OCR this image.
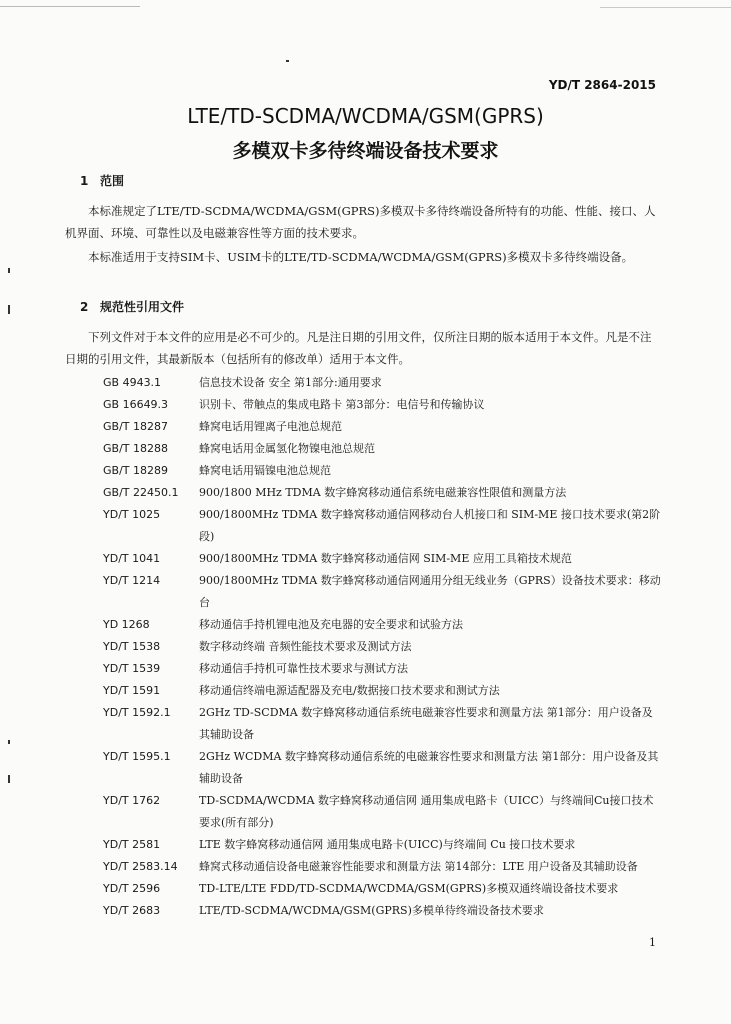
YD/T 2864-2015
LTE/TD-SCDMA/WCDMA/GSM(GPRS)
多模双卡多待终端设备技术要求
1 范围
本标准规定了LTE/TD-SCDMA/WCDMA/GSM(GPRS)多模双卡多待终端设备所特有的功能、性能、接口、人机界面、环境、可靠性以及电磁兼容性等方面的技术要求。
本标准适用于支持SIM卡、USIM卡的LTE/TD-SCDMA/WCDMA/GSM(GPRS)多模双卡多待终端设备。
2 规范性引用文件
下列文件对于本文件的应用是必不可少的。凡是注日期的引用文件，仅所注日期的版本适用于本文件。凡是不注日期的引用文件，其最新版本（包括所有的修改单）适用于本文件。
GB 4943.1	信息技术设备 安全 第1部分:通用要求
GB 16649.3	识别卡、带触点的集成电路卡 第3部分：电信号和传输协议
GB/T 18287	蜂窝电话用锂离子电池总规范
GB/T 18288	蜂窝电话用金属氢化物镍电池总规范
GB/T 18289	蜂窝电话用镉镍电池总规范
GB/T 22450.1	900/1800 MHz TDMA 数字蜂窝移动通信系统电磁兼容性限值和测量方法
YD/T 1025	900/1800MHz TDMA 数字蜂窝移动通信网移动台人机接口和 SIM-ME 接口技术要求(第2阶段)
YD/T 1041	900/1800MHz TDMA 数字蜂窝移动通信网 SIM-ME 应用工具箱技术规范
YD/T 1214	900/1800MHz TDMA 数字蜂窝移动通信网通用分组无线业务（GPRS）设备技术要求：移动台
YD 1268	移动通信手持机锂电池及充电器的安全要求和试验方法
YD/T 1538	数字移动终端 音频性能技术要求及测试方法
YD/T 1539	移动通信手持机可靠性技术要求与测试方法
YD/T 1591	移动通信终端电源适配器及充电/数据接口技术要求和测试方法
YD/T 1592.1	2GHz TD-SCDMA 数字蜂窝移动通信系统电磁兼容性要求和测量方法 第1部分：用户设备及其辅助设备
YD/T 1595.1	2GHz WCDMA 数字蜂窝移动通信系统的电磁兼容性要求和测量方法 第1部分：用户设备及其辅助设备
YD/T 1762	TD-SCDMA/WCDMA 数字蜂窝移动通信网 通用集成电路卡（UICC）与终端间Cu接口技术要求(所有部分)
YD/T 2581	LTE 数字蜂窝移动通信网 通用集成电路卡(UICC)与终端间 Cu 接口技术要求
YD/T 2583.14	蜂窝式移动通信设备电磁兼容性能要求和测量方法 第14部分：LTE 用户设备及其辅助设备
YD/T 2596	TD-LTE/LTE FDD/TD-SCDMA/WCDMA/GSM(GPRS)多模双通终端设备技术要求
YD/T 2683	LTE/TD-SCDMA/WCDMA/GSM(GPRS)多模单待终端设备技术要求
1
